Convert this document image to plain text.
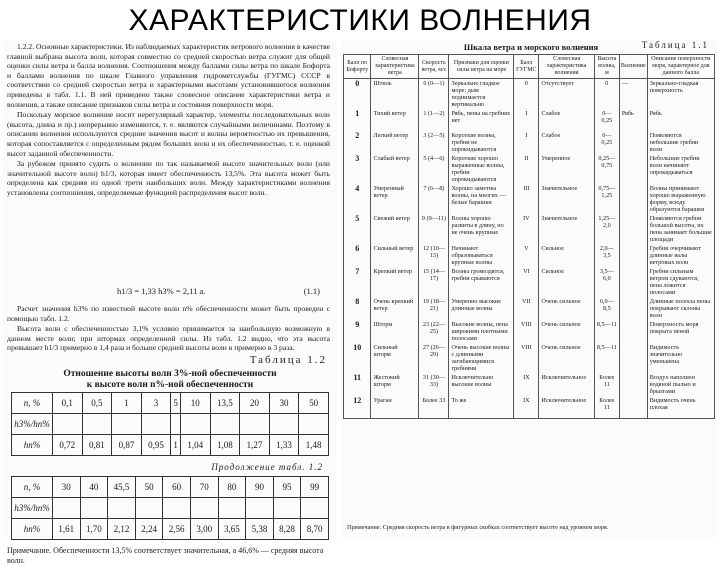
ХАРАКТЕРИСТИКИ ВОЛНЕНИЯ

1.2.2. Основные характеристики. Из наблюдаемых характеристик ветрового волнения в качестве главной выбрана высота волн, которая совместно со средней скоростью ветра служит для общей оценки силы ветра и балла волнения. Соотношения между баллами силы ветра по шкале Бофорта и баллами волнения по шкале Главного управления гидрометслужбы (ГУГМС) СССР в соответствии со средней скоростью ветра и характерными высотами установившегося волнения приведены в табл. 1.1. В ней приведено также словесное описание характеристики ветра и волнения, а также описание признаков силы ветра и состояния поверхности моря.

Поскольку морское волнение носит нерегулярный характер, элементы последовательных волн (высота, длина и пр.) непрерывно изменяются, т. е. являются случайными величинами. Поэтому в описании волнения используются средние значения высот и волны вероятностью их превышения, которая сопоставляется с определенным рядом больших волн и их обеспеченностью, т. е. оценкой высот заданной обеспеченности.

За рубежом принято судить о волнении по так называемой высоте значительных волн (или значительной высоте волн) h1/3, которая имеет обеспеченность 13,5%. Эта высота может быть определена как средняя из одной трети наибольших волн. Между характеристиками волнения установлены соотношения, определяемые функцией распределения высот волн.

h1/3 = 1,33 h3% = 2,11 a.	(1.1)

Расчет значения h3% по известной высоте волн n% обеспеченности может быть проведен с помощью табл. 1.2.

Высота волн с обеспеченностью 3,1% условно принимается за наибольшую возможную в данном месте волн; при штормах определенной силы. Из табл. 1.2 видно, что эта высота превышает h1/3 примерно в 1,4 раза и больше средней высоты волн в примерно в 3 раза.

Таблица 1.2
Отношение высоты волн 3%-ной обеспеченности
к высоте волн n%-ной обеспеченности
n, %	0,1	0,5	1	3	5	10	13,5	20	30	50
h3%/hn%										
hn%	0,72	0,81	0,87	0,95	1	1,04	1,08	1,27	1,33	1,48
Продолжение табл. 1.2
n, %	30	40	45,5	50	60	70	80	90	95	99
h3%/hn%										
hn%	1,61	1,70	2,12	2,24	2,56	3,00	3,65	5,38	8,28	8,70
Примечание. Обеспеченности 13,5% соответствует значительная, а 46,6% — средняя высота волн.
Шкала ветра и морского волнения	Таблица 1.1
Балл по Бофорту	Словесная характеристика ветра	Скорость ветра, м/с	Признаки для оценки силы ветра на море	Балл ГУГМС	Словесная характеристика волнения	Высота волны, м	Волнение	Описание поверхности моря, характерное для данного балла
0	Штиль	0 (0—1)	Зеркально гладкое море; дым поднимается вертикально	0	Отсутствует	0	—	Зеркально-гладкая поверхность
1	Тихий ветер	1 (1—2)	Рябь, пены на гребнях нет	I	Слабое	0—0,25	Рябь	Рябь
2	Легкий ветер	3 (2—5)	Короткие волны, гребни не опрокидываются	I	Слабое	0—0,25		Появляются небольшие гребни волн
3	Слабый ветер	5 (4—6)	Короткие хорошо выраженные волны, гребни опрокидываются	II	Умеренное	0,25—0,75		Небольшие гребни волн начинают опрокидываться
4	Умеренный ветер	7 (6—8)	Хорошо заметны волны, на многих — белые барашки	III	Значительное	0,75—1,25		Волны принимают хорошо выраженную форму, всюду образуются барашки
5	Свежий ветер	9 (9—11)	Волны хорошо развиты в длину, но не очень крупные	IV	Значительное	1,25—2,0		Появляются гребни большой высоты, их пена занимает большие площади
6	Сильный ветер	12 (10—13)	Начинают образовываться крупные волны	V	Сильное	2,0—3,5		Гребни очерчивают длинные валы ветровых волн
7	Крепкий ветер	15 (14—17)	Волны громоздятся, гребни срываются	VI	Сильное	3,5—6,0		Гребни сильным ветром сдуваются, пена ложится полосами
8	Очень крепкий ветер	19 (18—21)	Умеренно высокие длинные волны	VII	Очень сильное	6,0—8,5		Длинные полосы пены покрывают склоны волн
9	Шторм	23 (22—25)	Высокие волны, пена широкими плотными полосами	VIII	Очень сильное	8,5—11		Поверхность моря покрыта пеной
10	Сильный шторм	27 (26—29)	Очень высокие волны с длинными загибающимися гребнями	VIII	Очень сильное	8,5—11		Видимость значительно уменьшена
11	Жестокий шторм	31 (30—33)	Исключительно высокие волны	IX	Исключительное	Более 11		Воздух наполнен водяной пылью и брызгами
12	Ураган	Более 33	То же	IX	Исключительное	Более 11		Видимость очень плохая
Примечание. Средняя скорость ветра в фигурных скобках соответствует высоте над уровнем моря.
